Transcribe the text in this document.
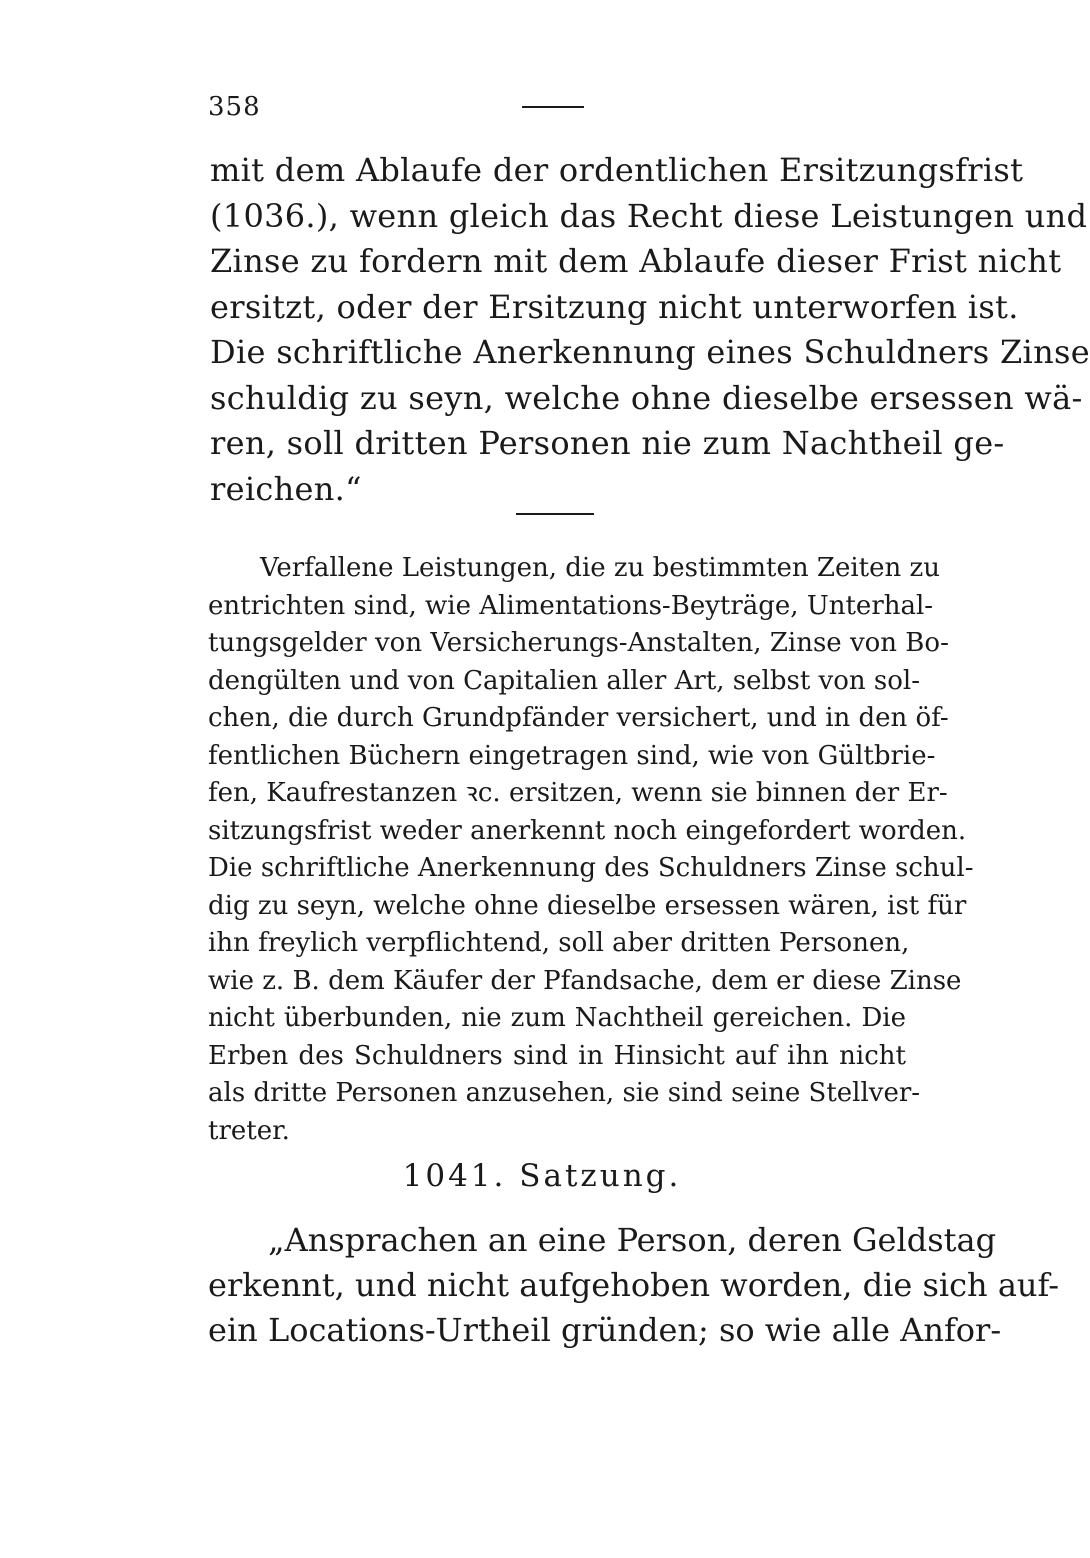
358
mit dem Ablaufe der ordentlichen Ersitzungsfrist
(1036.), wenn gleich das Recht diese Leistungen und
Zinse zu fordern mit dem Ablaufe dieser Frist nicht
ersitzt, oder der Ersitzung nicht unterworfen ist.
Die schriftliche Anerkennung eines Schuldners Zinse
schuldig zu seyn, welche ohne dieselbe ersessen wä-
ren, soll dritten Personen nie zum Nachtheil ge-
reichen.“
Verfallene Leistungen, die zu bestimmten Zeiten zu
entrichten sind, wie Alimentations-Beyträge, Unterhal-
tungsgelder von Versicherungs-Anstalten, Zinse von Bo-
dengülten und von Capitalien aller Art, selbst von sol-
chen, die durch Grundpfänder versichert, und in den öf-
fentlichen Büchern eingetragen sind, wie von Gültbrie-
fen, Kaufrestanzen ꝛc. ersitzen, wenn sie binnen der Er-
sitzungsfrist weder anerkennt noch eingefordert worden.
Die schriftliche Anerkennung des Schuldners Zinse schul-
dig zu seyn, welche ohne dieselbe ersessen wären, ist für
ihn freylich verpflichtend, soll aber dritten Personen,
wie z. B. dem Käufer der Pfandsache, dem er diese Zinse
nicht überbunden, nie zum Nachtheil gereichen. Die
Erben des Schuldners sind in Hinsicht auf ihn nicht
als dritte Personen anzusehen, sie sind seine Stellver-
treter.
1041. Satzung.
„Ansprachen an eine Person, deren Geldstag
erkennt, und nicht aufgehoben worden, die sich auf-
ein Locations-Urtheil gründen; so wie alle Anfor-
